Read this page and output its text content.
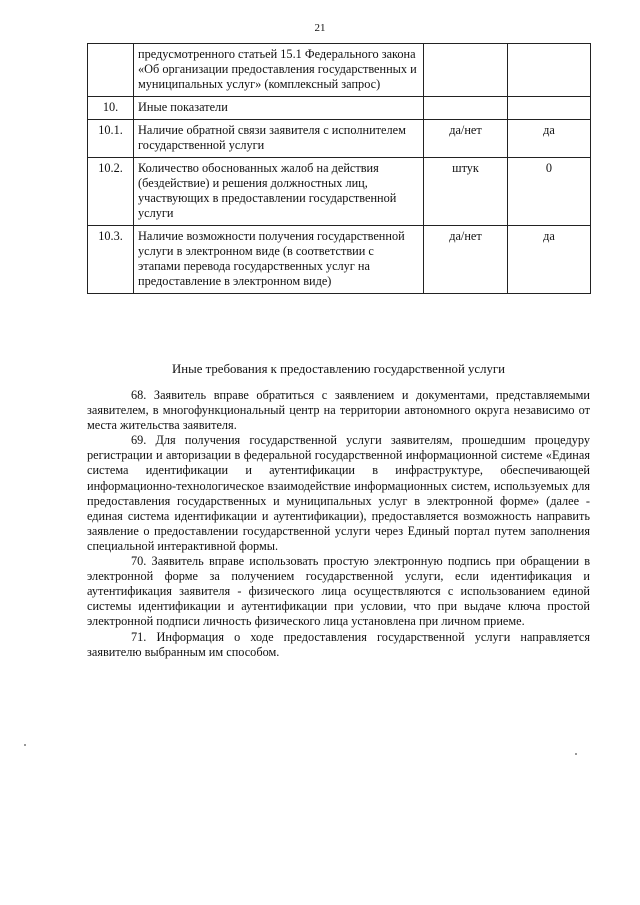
21
	предусмотренного статьей 15.1 Федерального закона «Об организации предоставления государственных и муниципальных услуг» (комплексный запрос)		
10.	Иные показатели		
10.1.	Наличие обратной связи заявителя с исполнителем государственной услуги	да/нет	да
10.2.	Количество обоснованных жалоб на действия (бездействие) и решения должностных лиц, участвующих в предоставлении государственной услуги	штук	0
10.3.	Наличие возможности получения государственной услуги в электронном виде (в соответствии с этапами перевода государственных услуг на предоставление в электронном виде)	да/нет	да
Иные требования к предоставлению государственной услуги

68. Заявитель вправе обратиться с заявлением и документами, представляемыми заявителем, в многофункциональный центр на территории автономного округа независимо от места жительства заявителя.

69. Для получения государственной услуги заявителям, прошедшим процедуру регистрации и авторизации в федеральной государственной информационной системе «Единая система идентификации и аутентификации в инфраструктуре, обеспечивающей информационно-технологическое взаимодействие информационных систем, используемых для предоставления государственных и муниципальных услуг в электронной форме» (далее - единая система идентификации и аутентификации), предоставляется возможность направить заявление о предоставлении государственной услуги через Единый портал путем заполнения специальной интерактивной формы.

70. Заявитель вправе использовать простую электронную подпись при обращении в электронной форме за получением государственной услуги, если идентификация и аутентификация заявителя - физического лица осуществляются с использованием единой системы идентификации и аутентификации при условии, что при выдаче ключа простой электронной подписи личность физического лица установлена при личном приеме.

71. Информация о ходе предоставления государственной услуги направляется заявителю выбранным им способом.
